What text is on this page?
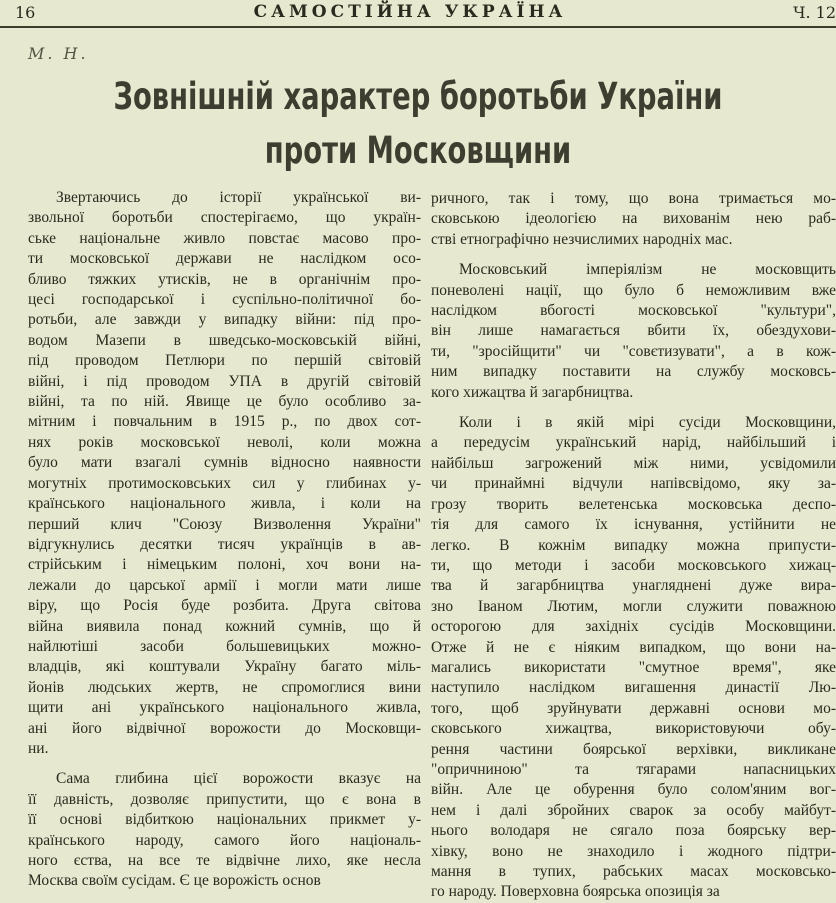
16	САМОСТІЙНА УКРАЇНА	Ч. 12
М. Н.
Зовнішній характер боротьби України
проти Московщини

Звертаючись до історії української ви-
звольної боротьби спостерігаємо, що україн-
ське національне живло повстає масово про-
ти московської держави не наслідком осо-
бливо тяжких утисків, не в органічнім про-
цесі господарської і суспільно-політичної бо-
ротьби, але завжди у випадку війни: під про-
водом Мазепи в шведсько-московській війні,
під проводом Петлюри по першій світовій
війні, і під проводом УПА в другій світовій
війні, та по ній. Явище це було особливо за-
мітним і повчальним в 1915 р., по двох сот-
нях років московської неволі, коли можна
було мати взагалі сумнів відносно наявности
могутніх протимосковських сил у глибинах у-
країнського національного живла, і коли на
перший клич "Союзу Визволення України"
відгукнулись десятки тисяч українців в ав-
стрійським і німецьким полоні, хоч вони на-
лежали до царської армії і могли мати лише
віру, що Росія буде розбита. Друга світова
війна виявила понад кожний сумнів, що й
найлютіші засоби большевицьких можно-
владців, які коштували Україну багато міль-
йонів людських жертв, не спромоглися вини
щити ані українського національного живла,
ані його відвічної ворожости до Московщи-
ни.

Сама глибина цієї ворожости вказує на
її давність, дозволяє припустити, що є вона в
її основі відбиткою національних прикмет у-
країнського народу, самого його національ-
ного єства, на все те відвічне лихо, яке несла
Москва своїм сусідам. Є це ворожість основ

ричного, так і тому, що вона тримається мо-
сковською ідеологією на вихованім нею раб-
стві етнографічно незчислимих народніх мас.

Московський імперіялізм не московщить
поневолені нації, що було б неможливим вже
наслідком вбогості московської "культури",
він лише намагається вбити їх, обездухови-
ти, "зросійщити" чи "совєтизувати", а в кож-
ним випадку поставити на службу московсь-
кого хижацтва й загарбництва.

Коли і в якій мірі сусіди Московщини,
а передусім український нарід, найбільший і
найбільш загрожений між ними, усвідомили
чи принаймні відчули напівсвідомо, яку за-
грозу творить велетенська московська деспо-
тія для самого їх існування, устійнити не
легко. В кожнім випадку можна припусти-
ти, що методи і засоби московського хижац-
тва й загарбництва унагляднені дуже вира-
зно Іваном Лютим, могли служити поважною
осторогою для західніх сусідів Московщини.
Отже й не є ніяким випадком, що вони на-
магались використати "смутное время", яке
наступило наслідком вигашення династії Лю-
того, щоб зруйнувати державні основи мо-
сковського хижацтва, використовуючи обу-
рення частини боярської верхівки, викликане
"опричниною" та тягарами напасницьких
війн. Але це обурення було солом'яним вог-
нем і далі збройних сварок за особу майбут-
нього володаря не сягало поза боярську вер-
хівку, воно не знаходило і жодного підтри-
мання в тупих, рабських масах московсько-
го народу. Поверховна боярська опозиція за
